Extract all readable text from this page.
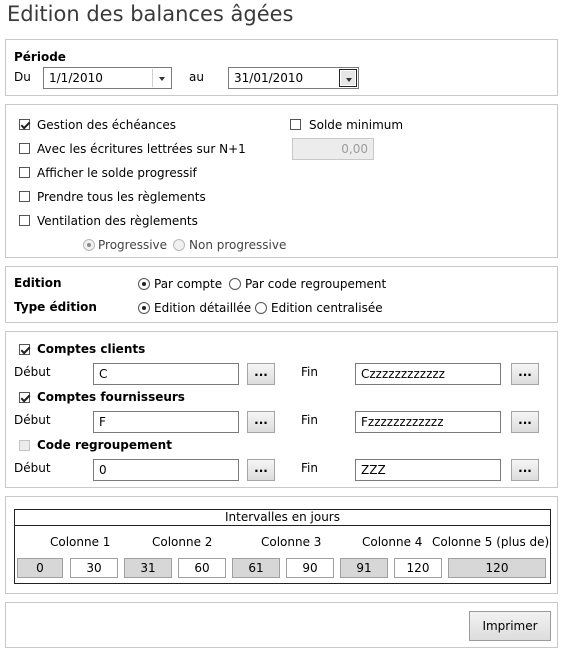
Edition des balances âgées
Période
Du	1/1/2010	au	31/01/2010
Gestion des échéances	Solde minimum
Avec les écritures lettrées sur N+1	0,00
Afficher le solde progressif
Prendre tous les règlements
Ventilation des règlements
Progressive Non progressive
Edition	Par compte Par code regroupement
Type édition	Edition détaillée Edition centralisée
Comptes clients
Début	C	...	Fin	Czzzzzzzzzzzz	...
Comptes fournisseurs
Début	F	...	Fin	Fzzzzzzzzzzzz	...
Code regroupement
Début	0	...	Fin	ZZZ	...
Intervalles en jours
Colonne 1	Colonne 2	Colonne 3	Colonne 4 Colonne 5 (plus de)
0	30	31	60	61	90	91	120	120
Imprimer
